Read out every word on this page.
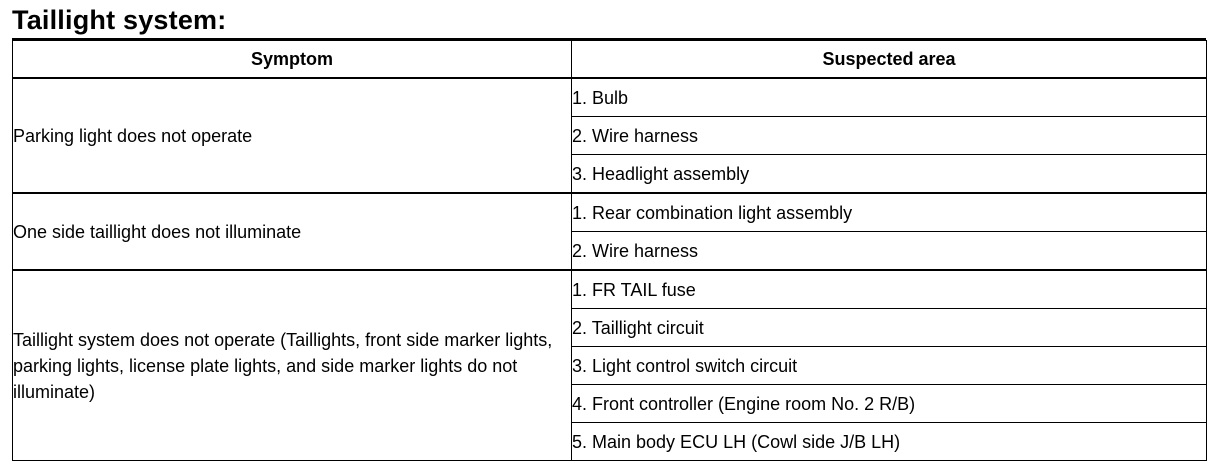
Taillight system:
Symptom	Suspected area
Parking light does not operate	1. Bulb
	2. Wire harness
	3. Headlight assembly
One side taillight does not illuminate	1. Rear combination light assembly
	2. Wire harness
Taillight system does not operate (Taillights, front side marker lights, parking lights, license plate lights, and side marker lights do not illuminate)	1. FR TAIL fuse
	2. Taillight circuit
	3. Light control switch circuit
	4. Front controller (Engine room No. 2 R/B)
	5. Main body ECU LH (Cowl side J/B LH)
